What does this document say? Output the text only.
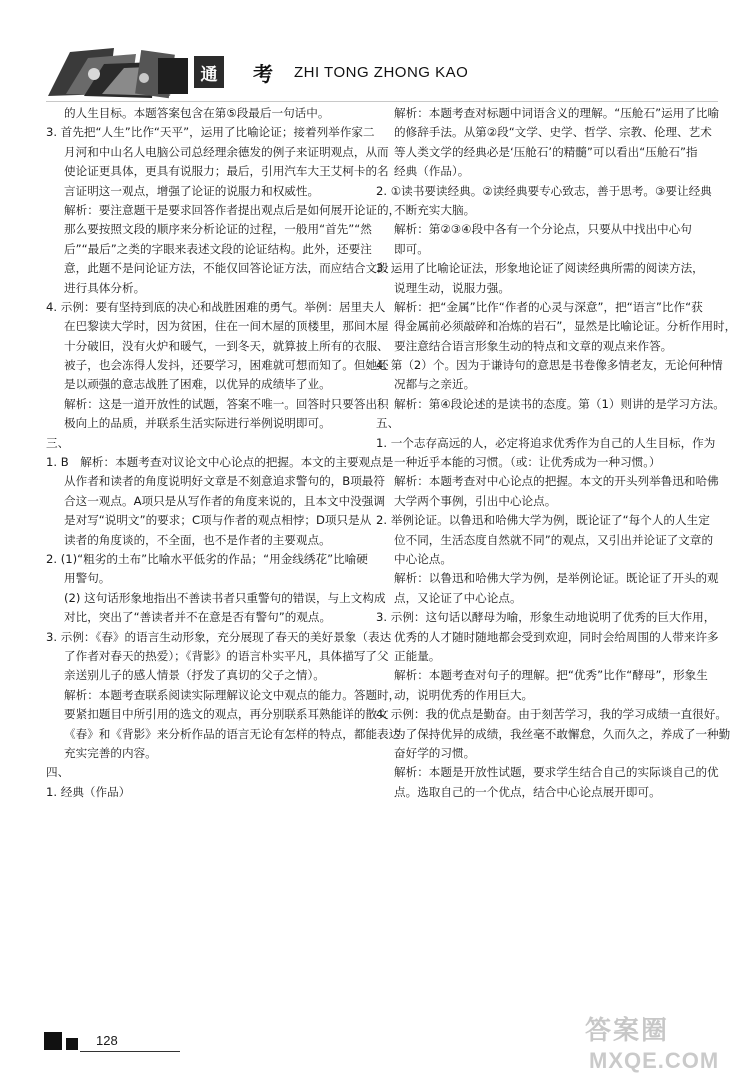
通	考	ZHI TONG ZHONG KAO
的人生目标。本题答案包含在第⑤段最后一句话中。
3. 首先把“人生”比作“天平”，运用了比喻论证；接着列举作家二
月河和中山名人电脑公司总经理余德发的例子来证明观点，从而
使论证更具体，更具有说服力；最后，引用汽车大王艾柯卡的名
言证明这一观点，增强了论证的说服力和权威性。
解析：要注意题干是要求回答作者提出观点后是如何展开论证的，
那么要按照文段的顺序来分析论证的过程，一般用“首先”“然
后”“最后”之类的字眼来表述文段的论证结构。此外，还要注
意，此题不是问论证方法，不能仅回答论证方法，而应结合文段
进行具体分析。
4. 示例：要有坚持到底的决心和战胜困难的勇气。举例：居里夫人
在巴黎读大学时，因为贫困，住在一间木屋的顶楼里，那间木屋
十分破旧，没有火炉和暖气，一到冬天，就算披上所有的衣服、
被子，也会冻得人发抖，还要学习，困难就可想而知了。但她还
是以顽强的意志战胜了困难，以优异的成绩毕了业。
解析：这是一道开放性的试题，答案不唯一。回答时只要答出积
极向上的品质，并联系生活实际进行举例说明即可。
三、
1. B　解析：本题考查对议论文中心论点的把握。本文的主要观点是
从作者和读者的角度说明好文章是不刻意追求警句的，B项最符
合这一观点。A项只是从写作者的角度来说的，且本文中没强调
是对写“说明文”的要求；C项与作者的观点相悖；D项只是从
读者的角度谈的，不全面，也不是作者的主要观点。
2. (1)“粗劣的土布”比喻水平低劣的作品；“用金线绣花”比喻硬
用警句。
(2) 这句话形象地指出不善读书者只重警句的错误，与上文构成
对比，突出了“善读者并不在意是否有警句”的观点。
3. 示例：《春》的语言生动形象，充分展现了春天的美好景象（表达
了作者对春天的热爱）；《背影》的语言朴实平凡，具体描写了父
亲送别儿子的感人情景（抒发了真切的父子之情）。
解析：本题考查联系阅读实际理解议论文中观点的能力。答题时，
要紧扣题目中所引用的选文的观点，再分别联系耳熟能详的散文
《春》和《背影》来分析作品的语言无论有怎样的特点，都能表达
充实完善的内容。
四、
1. 经典（作品）
解析：本题考查对标题中词语含义的理解。“压舱石”运用了比喻
的修辞手法。从第②段“文学、史学、哲学、宗教、伦理、艺术
等人类文学的经典必是‘压舱石’的精髓”可以看出“压舱石”指
经典（作品）。
2. ①读书要读经典。②读经典要专心致志，善于思考。③要让经典
不断充实大脑。
解析：第②③④段中各有一个分论点，只要从中找出中心句
即可。
3. 运用了比喻论证法，形象地论证了阅读经典所需的阅读方法，
说理生动，说服力强。
解析：把“金属”比作“作者的心灵与深意”，把“语言”比作“获
得金属前必须敲碎和冶炼的岩石”，显然是比喻论证。分析作用时，
要注意结合语言形象生动的特点和文章的观点来作答。
4. 第（2）个。因为于谦诗句的意思是书卷像多情老友，无论何种情
况都与之亲近。
解析：第④段论述的是读书的态度。第（1）则讲的是学习方法。
五、
1. 一个志存高远的人，必定将追求优秀作为自己的人生目标，作为
一种近乎本能的习惯。（或：让优秀成为一种习惯。）
解析：本题考查对中心论点的把握。本文的开头列举鲁迅和哈佛
大学两个事例，引出中心论点。
2. 举例论证。以鲁迅和哈佛大学为例，既论证了“每个人的人生定
位不同，生活态度自然就不同”的观点，又引出并论证了文章的
中心论点。
解析：以鲁迅和哈佛大学为例，是举例论证。既论证了开头的观
点，又论证了中心论点。
3. 示例：这句话以酵母为喻，形象生动地说明了优秀的巨大作用，
优秀的人才随时随地都会受到欢迎，同时会给周围的人带来许多
正能量。
解析：本题考查对句子的理解。把“优秀”比作“酵母”，形象生
动，说明优秀的作用巨大。
4. 示例：我的优点是勤奋。由于刻苦学习，我的学习成绩一直很好。
为了保持优异的成绩，我丝毫不敢懈怠，久而久之，养成了一种勤
奋好学的习惯。
解析：本题是开放性试题，要求学生结合自己的实际谈自己的优
点。选取自己的一个优点，结合中心论点展开即可。
128	答案圈
MXQE.COM
